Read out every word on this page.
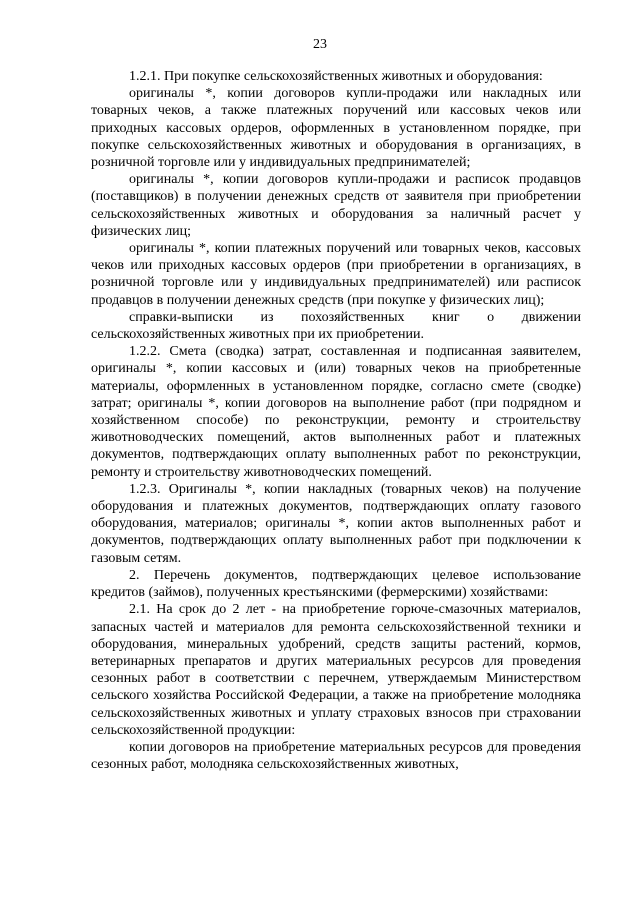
23

1.2.1. При покупке сельскохозяйственных животных и оборудования:

оригиналы *, копии договоров купли-продажи или накладных или товарных чеков, а также платежных поручений или кассовых чеков или приходных кассовых ордеров, оформленных в установленном порядке, при покупке сельскохозяйственных животных и оборудования в организациях, в розничной торговле или у индивидуальных предпринимателей;

оригиналы *, копии договоров купли-продажи и расписок продавцов (поставщиков) в получении денежных средств от заявителя при приобретении сельскохозяйственных животных и оборудования за наличный расчет у физических лиц;

оригиналы *, копии платежных поручений или товарных чеков, кассовых чеков или приходных кассовых ордеров (при приобретении в организациях, в розничной торговле или у индивидуальных предпринимателей) или расписок продавцов в получении денежных средств (при покупке у физических лиц);

справки-выписки из похозяйственных книг о движении сельскохозяйственных животных при их приобретении.

1.2.2. Смета (сводка) затрат, составленная и подписанная заявителем, оригиналы *, копии кассовых и (или) товарных чеков на приобретенные материалы, оформленных в установленном порядке, согласно смете (сводке) затрат; оригиналы *, копии договоров на выполнение работ (при подрядном и хозяйственном способе) по реконструкции, ремонту и строительству животноводческих помещений, актов выполненных работ и платежных документов, подтверждающих оплату выполненных работ по реконструкции, ремонту и строительству животноводческих помещений.

1.2.3. Оригиналы *, копии накладных (товарных чеков) на получение оборудования и платежных документов, подтверждающих оплату газового оборудования, материалов; оригиналы *, копии актов выполненных работ и документов, подтверждающих оплату выполненных работ при подключении к газовым сетям.

2. Перечень документов, подтверждающих целевое использование кредитов (займов), полученных крестьянскими (фермерскими) хозяйствами:

2.1. На срок до 2 лет - на приобретение горюче-смазочных материалов, запасных частей и материалов для ремонта сельскохозяйственной техники и оборудования, минеральных удобрений, средств защиты растений, кормов, ветеринарных препаратов и других материальных ресурсов для проведения сезонных работ в соответствии с перечнем, утверждаемым Министерством сельского хозяйства Российской Федерации, а также на приобретение молодняка сельскохозяйственных животных и уплату страховых взносов при страховании сельскохозяйственной продукции:

копии договоров на приобретение материальных ресурсов для проведения сезонных работ, молодняка сельскохозяйственных животных,
